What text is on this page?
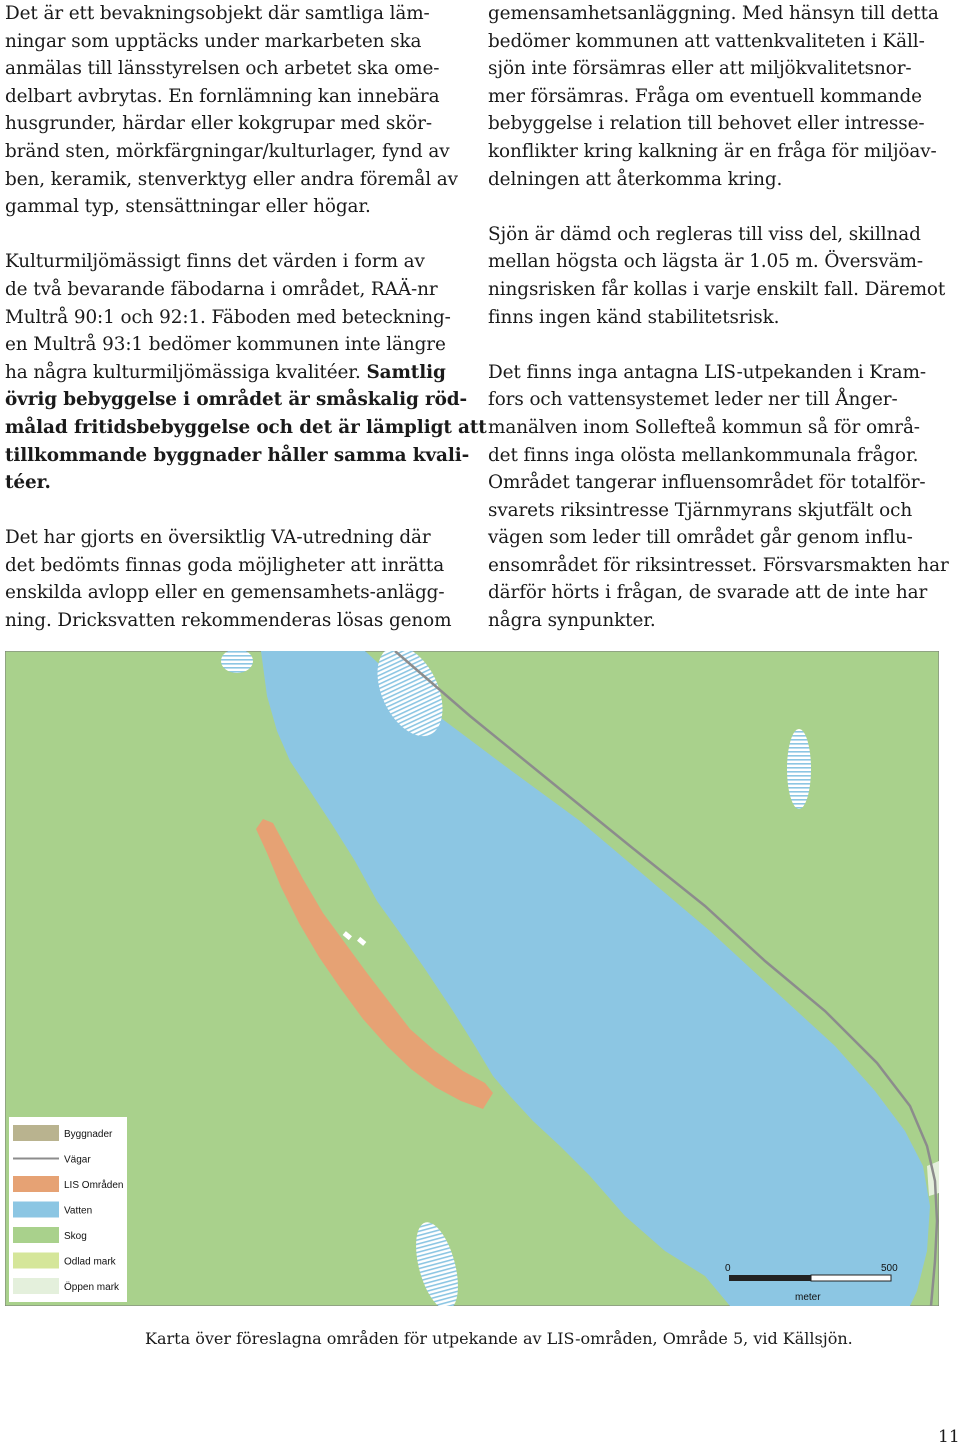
Det är ett bevakningsobjekt där samtliga läm-
ningar som upptäcks under markarbeten ska
anmälas till länsstyrelsen och arbetet ska ome-
delbart avbrytas. En fornlämning kan innebära
husgrunder, härdar eller kokgrupar med skör-
bränd sten, mörkfärgningar/kulturlager, fynd av
ben, keramik, stenverktyg eller andra föremål av
gammal typ, stensättningar eller högar.

Kulturmiljömässigt finns det värden i form av
de två bevarande fäbodarna i området, RAÄ-nr
Multrå 90:1 och 92:1. Fäboden med beteckning-
en Multrå 93:1 bedömer kommunen inte längre
ha några kulturmiljömässiga kvalitéer. Samtlig
övrig bebyggelse i området är småskalig röd-
målad fritidsbebyggelse och det är lämpligt att
tillkommande byggnader håller samma kvali-
téer.

Det har gjorts en översiktlig VA-utredning där
det bedömts finnas goda möjligheter att inrätta
enskilda avlopp eller en gemensamhets-anlägg-
ning. Dricksvatten rekommenderas lösas genom

gemensamhetsanläggning. Med hänsyn till detta
bedömer kommunen att vattenkvaliteten i Käll-
sjön inte försämras eller att miljökvalitetsnor-
mer försämras. Fråga om eventuell kommande
bebyggelse i relation till behovet eller intresse-
konflikter kring kalkning är en fråga för miljöav-
delningen att återkomma kring.

Sjön är dämd och regleras till viss del, skillnad
mellan högsta och lägsta är 1.05 m. Översväm-
ningsrisken får kollas i varje enskilt fall. Däremot
finns ingen känd stabilitetsrisk.

Det finns inga antagna LIS-utpekanden i Kram-
fors och vattensystemet leder ner till Ånger-
manälven inom Sollefteå kommun så för områ-
det finns inga olösta mellankommunala frågor.
Området tangerar influensområdet för totalför-
svarets riksintresse Tjärnmyrans skjutfält och
vägen som leder till området går genom influ-
ensområdet för riksintresset. Försvarsmakten har
därför hörts i frågan, de svarade att de inte har
några synpunkter.

Byggnader
Vägar
LIS Områden
Vatten
Skog
Odlad mark
Öppen mark
0	500
meter
Karta över föreslagna områden för utpekande av LIS-områden, Område 5, vid Källsjön.
11
